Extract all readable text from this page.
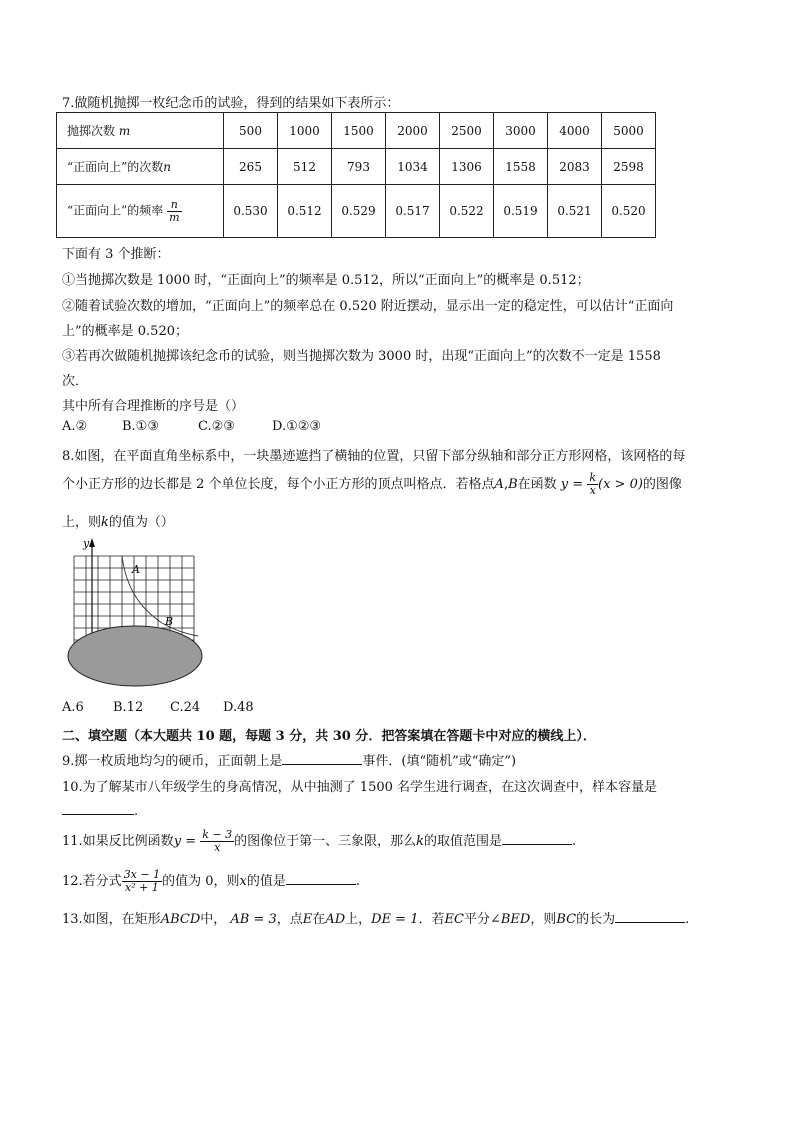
7.做随机抛掷一枚纪念币的试验，得到的结果如下表所示：
抛掷次数 m	500	1000	1500	2000	2500	3000	4000	5000
“正面向上”的次数n	265	512	793	1034	1306	1558	2083	2598
“正面向上”的频率 $\frac{n}{m}$	0.530	0.512	0.529	0.517	0.522	0.519	0.521	0.520
下面有 3 个推断：
①当抛掷次数是 1000 时，“正面向上”的频率是 0.512，所以“正面向上”的概率是 0.512；
②随着试验次数的增加，“正面向上”的频率总在 0.520 附近摆动，显示出一定的稳定性，可以估计“正面向
上”的概率是 0.520；
③若再次做随机抛掷该纪念币的试验，则当抛掷次数为 3000 时，出现“正面向上”的次数不一定是 1558
次．
其中所有合理推断的序号是（）
A.②	B.①③	C.②③	D.①②③
8.如图，在平面直角坐标系中，一块墨迹遮挡了横轴的位置，只留下部分纵轴和部分正方形网格，该网格的每
个小正方形的边长都是 2 个单位长度，每个小正方形的顶点叫格点．若格点A,B在函数 $y = \frac{k}{x} (x > 0)$的图像
上，则k的值为（）
y
A
B
A.6 B.12 C.24 D.48
二、填空题（本大题共 10 题，每题 3 分，共 30 分．把答案填在答题卡中对应的横线上）．
9.掷一枚质地均匀的硬币，正面朝上是	事件．(填“随机”或“确定”)
10.为了解某市八年级学生的身高情况，从中抽测了 1500 名学生进行调查，在这次调查中，样本容量是
.
11.如果反比例函数$y = \frac{k - 3}{x}$ 的图像位于第一、三象限，那么k的取值范围是	.
12.若分式 $\frac{3x - 1}{\text{x² + 1}}$ 的值为 0，则x的值是	.
13.如图，在矩形ABCD中， AB = 3，点E在AD上，DE = 1．若EC平分∠BED，则BC的长为	.
